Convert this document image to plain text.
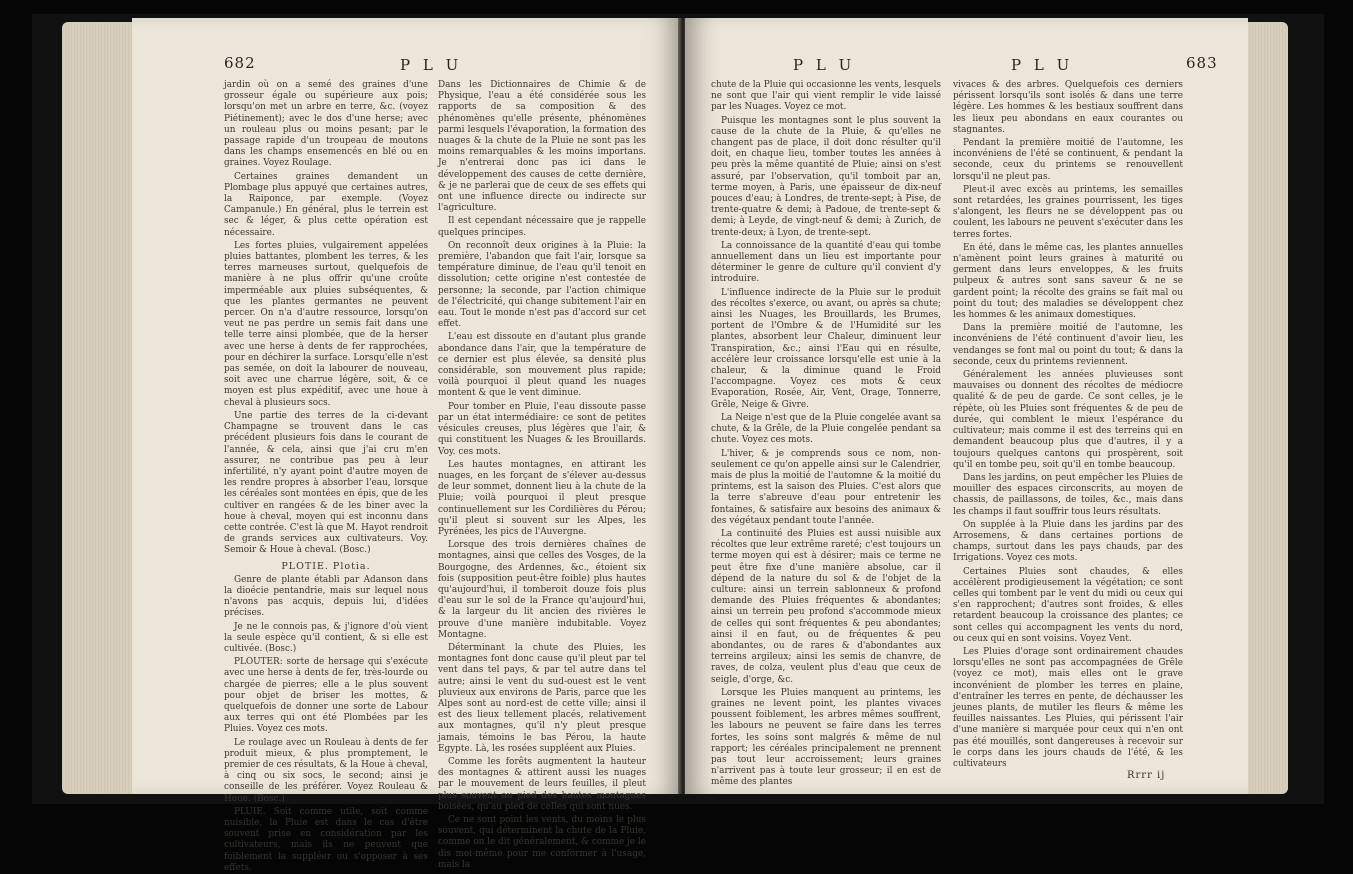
682	P L U

jardin où on a semé des graines d'une grosseur égale ou supérieure aux pois; lorsqu'on met un arbre en terre, &c. (voyez Piétinement); avec le dos d'une herse; avec un rouleau plus ou moins pesant; par le passage rapide d'un troupeau de moutons dans les champs ensemencés en blé ou en graines. Voyez Roulage.

Certaines graines demandent un Plombage plus appuyé que certaines autres, la Raiponce, par exemple. (Voyez Campanule.) En général, plus le terrein est sec & léger, & plus cette opération est nécessaire.

Les fortes pluies, vulgairement appelées pluies battantes, plombent les terres, & les terres marneuses surtout, quelquefois de manière à ne plus offrir qu'une croûte imperméable aux pluies subséquentes, & que les plantes germantes ne peuvent percer. On n'a d'autre ressource, lorsqu'on veut ne pas perdre un semis fait dans une telle terre ainsi plombée, que de la herser avec une herse à dents de fer rapprochées, pour en déchirer la surface. Lorsqu'elle n'est pas semée, on doit la labourer de nouveau, soit avec une charrue légère, soit, & ce moyen est plus expéditif, avec une houe à cheval à plusieurs socs.

Une partie des terres de la ci-devant Champagne se trouvent dans le cas précédent plusieurs fois dans le courant de l'année, & cela, ainsi que j'ai cru m'en assurer, ne contribue pas peu à leur infertilité, n'y ayant point d'autre moyen de les rendre propres à absorber l'eau, lorsque les céréales sont montées en épis, que de les cultiver en rangées & de les biner avec la houe à cheval, moyen qui est inconnu dans cette contrée. C'est là que M. Hayot rendroit de grands services aux cultivateurs. Voy. Semoir & Houe à cheval. (Bosc.)

PLOTIE. Plotia.

Genre de plante établi par Adanson dans la dioécie pentandrie, mais sur lequel nous n'avons pas acquis, depuis lui, d'idées précises.

Je ne le connois pas, & j'ignore d'où vient la seule espèce qu'il contient, & si elle est cultivée. (Bosc.)

PLOUTER: sorte de hersage qui s'exécute avec une herse à dents de fer, très-lourde ou chargée de pierres; elle a le plus souvent pour objet de briser les mottes, & quelquefois de donner une sorte de Labour aux terres qui ont été Plombées par les Pluies. Voyez ces mots.

Le roulage avec un Rouleau à dents de fer produit mieux, & plus promptement, le premier de ces résultats, & la Houe à cheval, à cinq ou six socs, le second; ainsi je conseille de les préférer. Voyez Rouleau & Houe. (Bosc.)

PLUIE. Soit comme utile, soit comme nuisible, la Pluie est dans le cas d'être souvent prise en considération par les cultivateurs, mais ils ne peuvent que foiblement la suppléer ou s'opposer à ses effets.

Dans les Dictionnaires de Chimie & de Physique, l'eau a été considérée sous les rapports de sa composition & des phénomènes qu'elle présente, phénomènes parmi lesquels l'évaporation, la formation des nuages & la chute de la Pluie ne sont pas les moins remarquables & les moins importans. Je n'entrerai donc pas ici dans le développement des causes de cette dernière, & je ne parlerai que de ceux de ses effets qui ont une influence directe ou indirecte sur l'agriculture.

Il est cependant nécessaire que je rappelle quelques principes.

On reconnoît deux origines à la Pluie: la première, l'abandon que fait l'air, lorsque sa température diminue, de l'eau qu'il tenoit en dissolution; cette origine n'est contestée de personne; la seconde, par l'action chimique de l'électricité, qui change subitement l'air en eau. Tout le monde n'est pas d'accord sur cet effet.

L'eau est dissoute en d'autant plus grande abondance dans l'air, que la température de ce dernier est plus élevée, sa densité plus considérable, son mouvement plus rapide; voilà pourquoi il pleut quand les nuages montent & que le vent diminue.

Pour tomber en Pluie, l'eau dissoute passe par un état intermédiaire: ce sont de petites vésicules creuses, plus légères que l'air, & qui constituent les Nuages & les Brouillards. Voy. ces mots.

Les hautes montagnes, en attirant les nuages, en les forçant de s'élever au-dessus de leur sommet, donnent lieu à la chute de la Pluie; voilà pourquoi il pleut presque continuellement sur les Cordilières du Pérou; qu'il pleut si souvent sur les Alpes, les Pyrénées, les pics de l'Auvergne.

Lorsque des trois dernières chaînes de montagnes, ainsi que celles des Vosges, de la Bourgogne, des Ardennes, &c., étoient six fois (supposition peut-être foible) plus hautes qu'aujourd'hui, il tomberoit douze fois plus d'eau sur le sol de la France qu'aujourd'hui, & la largeur du lit ancien des rivières le prouve d'une manière indubitable. Voyez Montagne.

Déterminant la chute des Pluies, les montagnes font donc cause qu'il pleut par tel vent dans tel pays, & par tel autre dans tel autre; ainsi le vent du sud-ouest est le vent pluvieux aux environs de Paris, parce que les Alpes sont au nord-est de cette ville; ainsi il est des lieux tellement placés, relativement aux montagnes, qu'il n'y pleut presque jamais, témoins le bas Pérou, la haute Egypte. Là, les rosées suppléent aux Pluies.

Comme les forêts augmentent la hauteur des montagnes & attirent aussi les nuages par le mouvement de leurs feuilles, il pleut plus souvent au pied des hautes montagnes boisées, qu'au pied de celles qui sont nues.

Ce ne sont point les vents, du moins le plus souvent, qui déterminent la chute de la Pluie, comme on le dit généralement, & comme je le dis moi-même pour me conformer à l'usage, mais la

P L U	P L U	683

chute de la Pluie qui occasionne les vents, lesquels ne sont que l'air qui vient remplir le vide laissé par les Nuages. Voyez ce mot.

Puisque les montagnes sont le plus souvent la cause de la chute de la Pluie, & qu'elles ne changent pas de place, il doit donc résulter qu'il doit, en chaque lieu, tomber toutes les années à peu près la même quantité de Pluie; ainsi on s'est assuré, par l'observation, qu'il tomboit par an, terme moyen, à Paris, une épaisseur de dix-neuf pouces d'eau; à Londres, de trente-sept; à Pise, de trente-quatre & demi; à Padoue, de trente-sept & demi; à Leyde, de vingt-neuf & demi; à Zurich, de trente-deux; à Lyon, de trente-sept.

La connoissance de la quantité d'eau qui tombe annuellement dans un lieu est importante pour déterminer le genre de culture qu'il convient d'y introduire.

L'influence indirecte de la Pluie sur le produit des récoltes s'exerce, ou avant, ou après sa chute; ainsi les Nuages, les Brouillards, les Brumes, portent de l'Ombre & de l'Humidité sur les plantes, absorbent leur Chaleur, diminuent leur Transpiration, &c.; ainsi l'Eau qui en résulte, accélère leur croissance lorsqu'elle est unie à la chaleur, & la diminue quand le Froid l'accompagne. Voyez ces mots & ceux Evaporation, Rosée, Air, Vent, Orage, Tonnerre, Grêle, Neige & Givre.

La Neige n'est que de la Pluie congelée avant sa chute, & la Grêle, de la Pluie congelée pendant sa chute. Voyez ces mots.

L'hiver, & je comprends sous ce nom, non-seulement ce qu'on appelle ainsi sur le Calendrier, mais de plus la moitié de l'automne & la moitié du printems, est la saison des Pluies. C'est alors que la terre s'abreuve d'eau pour entretenir les fontaines, & satisfaire aux besoins des animaux & des végétaux pendant toute l'année.

La continuité des Pluies est aussi nuisible aux récoltes que leur extrême rareté; c'est toujours un terme moyen qui est à désirer; mais ce terme ne peut être fixe d'une manière absolue, car il dépend de la nature du sol & de l'objet de la culture: ainsi un terrein sablonneux & profond demande des Pluies fréquentes & abondantes; ainsi un terrein peu profond s'accommode mieux de celles qui sont fréquentes & peu abondantes; ainsi il en faut, ou de fréquentes & peu abondantes, ou de rares & d'abondantes aux terreins argileux; ainsi les semis de chanvre, de raves, de colza, veulent plus d'eau que ceux de seigle, d'orge, &c.

Lorsque les Pluies manquent au printems, les graines ne levent point, les plantes vivaces poussent foiblement, les arbres mêmes souffrent, les labours ne peuvent se faire dans les terres fortes, les soins sont malgrés & même de nul rapport; les céréales principalement ne prennent pas tout leur accroissement; leurs graines n'arrivent pas à toute leur grosseur; il en est de même des plantes

vivaces & des arbres. Quelquefois ces derniers périssent lorsqu'ils sont isolés & dans une terre légère. Les hommes & les bestiaux souffrent dans les lieux peu abondans en eaux courantes ou stagnantes.

Pendant la première moitié de l'automne, les inconvéniens de l'été se continuent, & pendant la seconde, ceux du printems se renouvellent lorsqu'il ne pleut pas.

Pleut-il avec excès au printems, les semailles sont retardées, les graines pourrissent, les tiges s'alongent, les fleurs ne se développent pas ou coulent, les labours ne peuvent s'exécuter dans les terres fortes.

En été, dans le même cas, les plantes annuelles n'amènent point leurs graines à maturité ou germent dans leurs enveloppes, & les fruits pulpeux & autres sont sans saveur & ne se gardent point; la récolte des grains se fait mal ou point du tout; des maladies se développent chez les hommes & les animaux domestiques.

Dans la première moitié de l'automne, les inconvéniens de l'été continuent d'avoir lieu, les vendanges se font mal ou point du tout; & dans la seconde, ceux du printems reviennent.

Généralement les années pluvieuses sont mauvaises ou donnent des récoltes de médiocre qualité & de peu de garde. Ce sont celles, je le répète, où les Pluies sont fréquentes & de peu de durée, qui comblent le mieux l'espérance du cultivateur; mais comme il est des terreins qui en demandent beaucoup plus que d'autres, il y a toujours quelques cantons qui prospèrent, soit qu'il en tombe peu, soit qu'il en tombe beaucoup.

Dans les jardins, on peut empêcher les Pluies de mouiller des espaces circonscrits, au moyen de chassis, de paillassons, de toiles, &c., mais dans les champs il faut souffrir tous leurs résultats.

On supplée à la Pluie dans les jardins par des Arrosemens, & dans certaines portions de champs, surtout dans les pays chauds, par des Irrigations. Voyez ces mots.

Certaines Pluies sont chaudes, & elles accélèrent prodigieusement la végétation; ce sont celles qui tombent par le vent du midi ou ceux qui s'en rapprochent; d'autres sont froides, & elles retardent beaucoup la croissance des plantes; ce sont celles qui accompagnent les vents du nord, ou ceux qui en sont voisins. Voyez Vent.

Les Pluies d'orage sont ordinairement chaudes lorsqu'elles ne sont pas accompagnées de Grêle (voyez ce mot), mais elles ont le grave inconvénient de plomber les terres en plaine, d'entraîner les terres en pente, de déchausser les jeunes plants, de mutiler les fleurs & même les feuilles naissantes. Les Pluies, qui périssent l'air d'une manière si marquée pour ceux qui n'en ont pas été mouillés, sont dangereuses à recevoir sur le corps dans les jours chauds de l'été, & les cultivateurs

Rrrr ij
